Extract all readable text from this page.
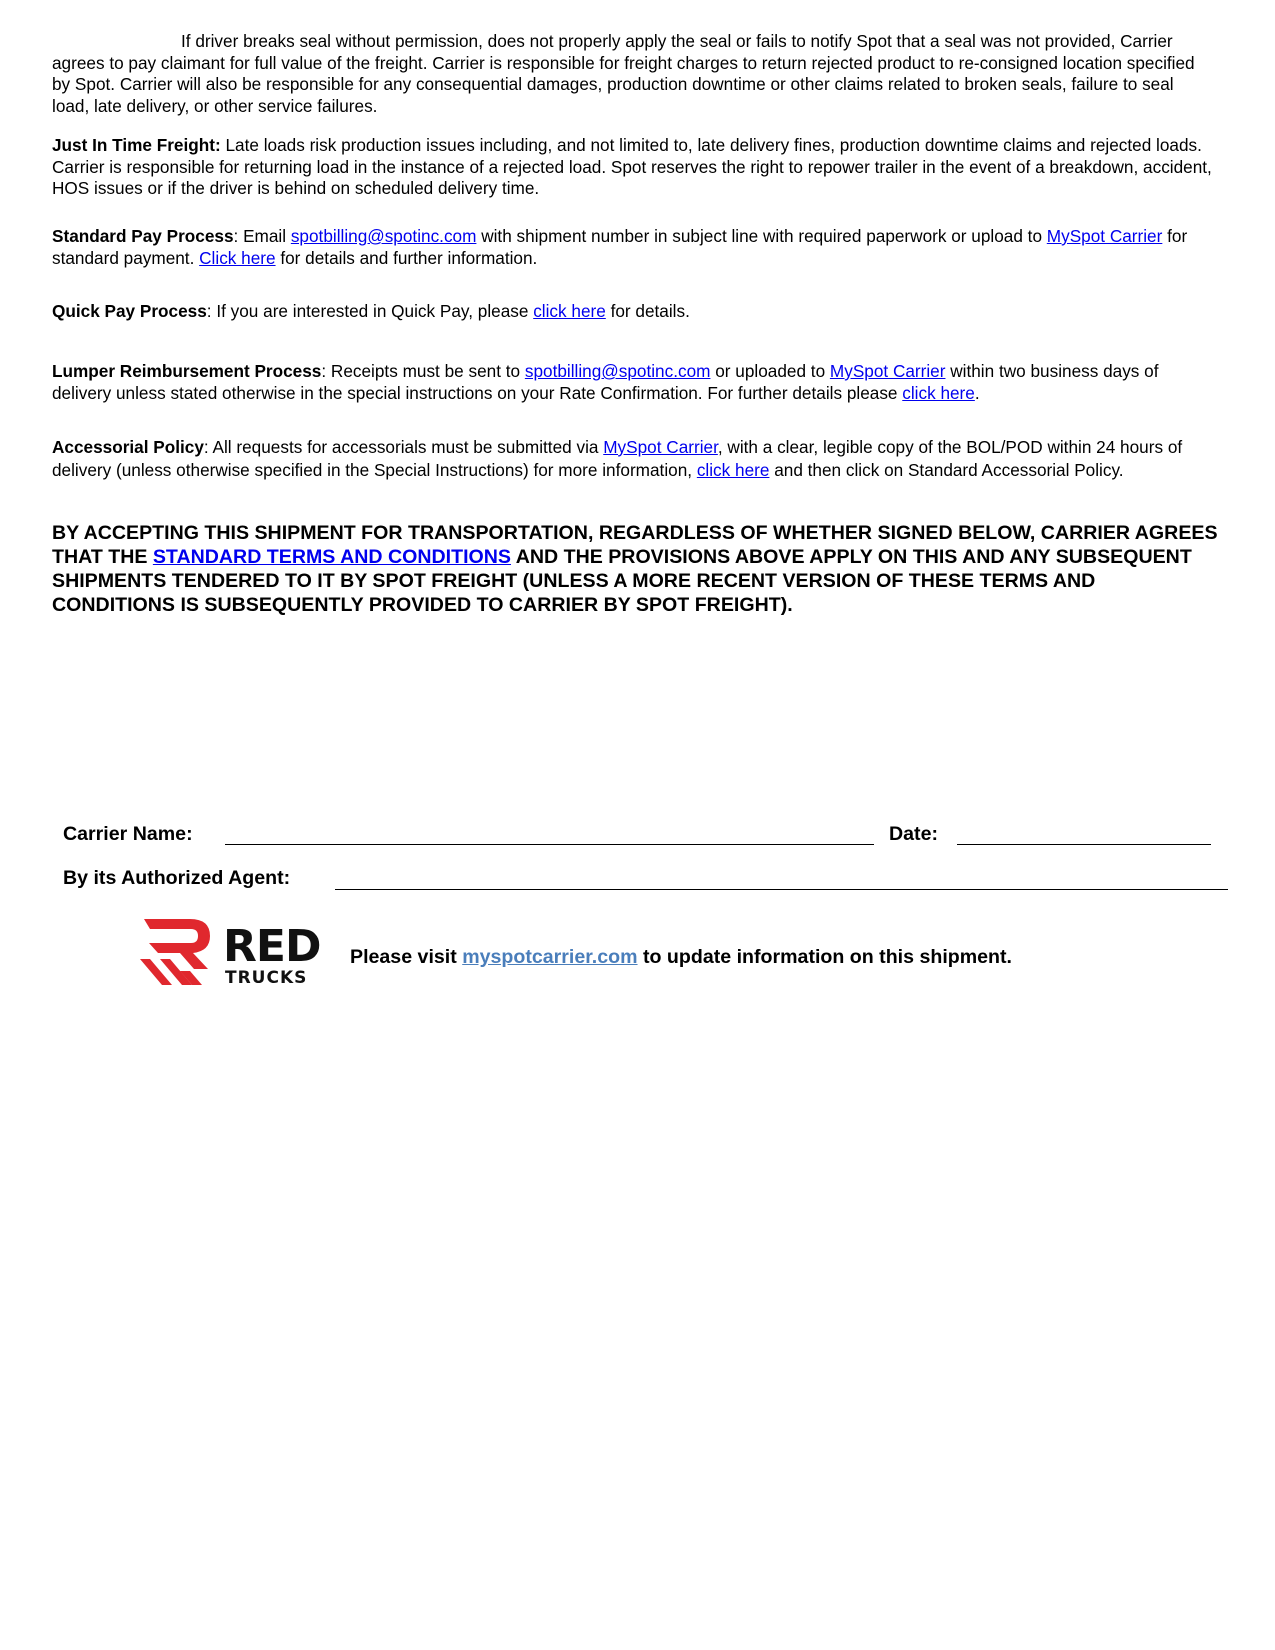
If driver breaks seal without permission, does not properly apply the seal or fails to notify Spot that a seal was not provided, Carrier agrees to pay claimant for full value of the freight. Carrier is responsible for freight charges to return rejected product to re-consigned location specified by Spot. Carrier will also be responsible for any consequential damages, production downtime or other claims related to broken seals, failure to seal load, late delivery, or other service failures.

Just In Time Freight: Late loads risk production issues including, and not limited to, late delivery fines, production downtime claims and rejected loads. Carrier is responsible for returning load in the instance of a rejected load. Spot reserves the right to repower trailer in the event of a breakdown, accident, HOS issues or if the driver is behind on scheduled delivery time.

Standard Pay Process: Email spotbilling@spotinc.com with shipment number in subject line with required paperwork or upload to MySpot Carrier for standard payment. Click here for details and further information.

Quick Pay Process: If you are interested in Quick Pay, please click here for details.

Lumper Reimbursement Process: Receipts must be sent to spotbilling@spotinc.com or uploaded to MySpot Carrier within two business days of delivery unless stated otherwise in the special instructions on your Rate Confirmation. For further details please click here.

Accessorial Policy: All requests for accessorials must be submitted via MySpot Carrier, with a clear, legible copy of the BOL/POD within 24 hours of delivery (unless otherwise specified in the Special Instructions) for more information, click here and then click on Standard Accessorial Policy.

BY ACCEPTING THIS SHIPMENT FOR TRANSPORTATION, REGARDLESS OF WHETHER SIGNED BELOW, CARRIER AGREES THAT THE STANDARD TERMS AND CONDITIONS AND THE PROVISIONS ABOVE APPLY ON THIS AND ANY SUBSEQUENT SHIPMENTS TENDERED TO IT BY SPOT FREIGHT (UNLESS A MORE RECENT VERSION OF THESE TERMS AND CONDITIONS IS SUBSEQUENTLY PROVIDED TO CARRIER BY SPOT FREIGHT).

Carrier Name:	Date:
By its Authorized Agent:
RED
TRUCKS
Please visit myspotcarrier.com to update information on this shipment.
